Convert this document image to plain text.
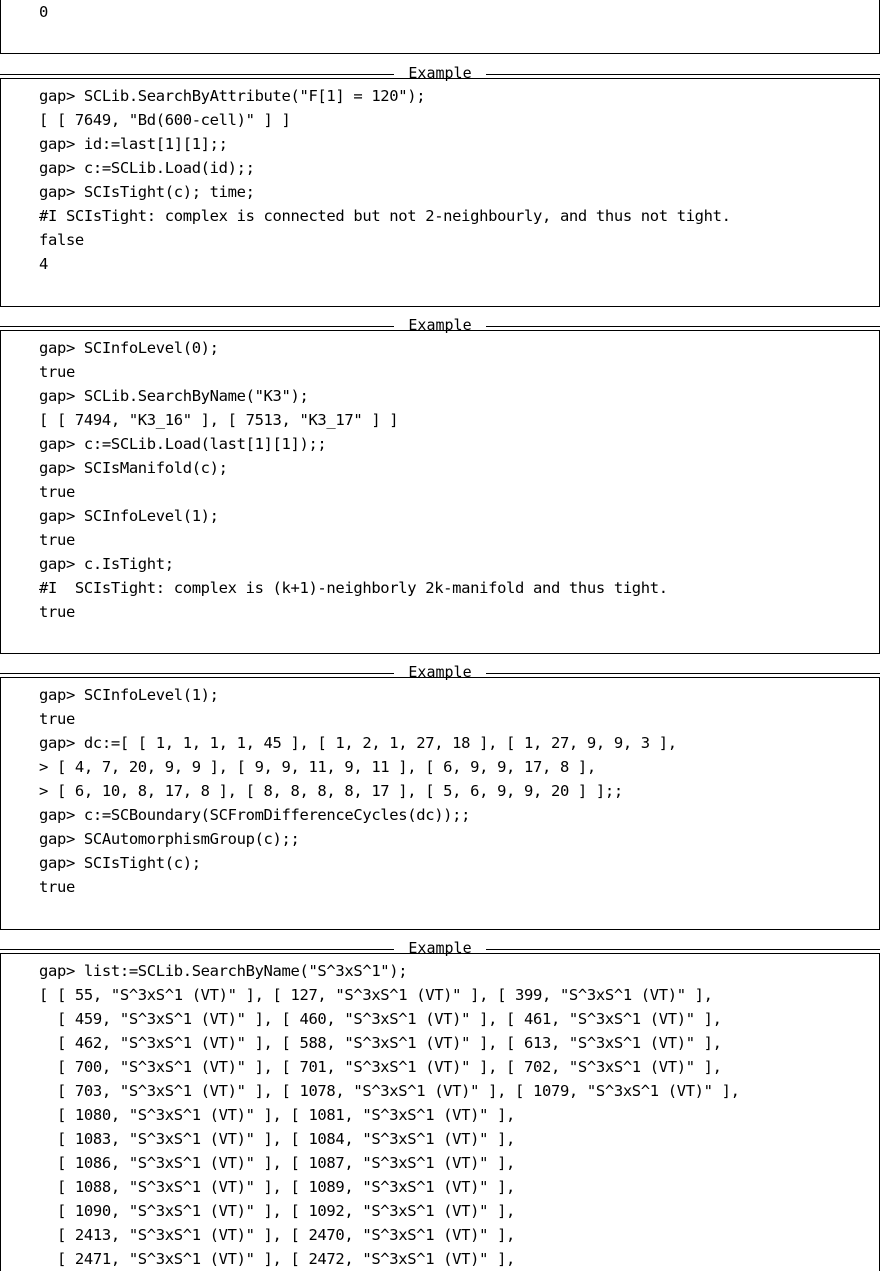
0
Example
gap> SCLib.SearchByAttribute("F[1] = 120");
[ [ 7649, "Bd(600-cell)" ] ]
gap> id:=last[1][1];;
gap> c:=SCLib.Load(id);;
gap> SCIsTight(c); time;
#I SCIsTight: complex is connected but not 2-neighbourly, and thus not tight.
false
4
Example
gap> SCInfoLevel(0);
true
gap> SCLib.SearchByName("K3");
[ [ 7494, "K3_16" ], [ 7513, "K3_17" ] ]
gap> c:=SCLib.Load(last[1][1]);;
gap> SCIsManifold(c);
true
gap> SCInfoLevel(1);
true
gap> c.IsTight;
#I  SCIsTight: complex is (k+1)-neighborly 2k-manifold and thus tight.
true
Example
gap> SCInfoLevel(1);
true
gap> dc:=[ [ 1, 1, 1, 1, 45 ], [ 1, 2, 1, 27, 18 ], [ 1, 27, 9, 9, 3 ],
> [ 4, 7, 20, 9, 9 ], [ 9, 9, 11, 9, 11 ], [ 6, 9, 9, 17, 8 ],
> [ 6, 10, 8, 17, 8 ], [ 8, 8, 8, 8, 17 ], [ 5, 6, 9, 9, 20 ] ];;
gap> c:=SCBoundary(SCFromDifferenceCycles(dc));;
gap> SCAutomorphismGroup(c);;
gap> SCIsTight(c);
true
Example
gap> list:=SCLib.SearchByName("S^3xS^1");
[ [ 55, "S^3xS^1 (VT)" ], [ 127, "S^3xS^1 (VT)" ], [ 399, "S^3xS^1 (VT)" ],
[ 459, "S^3xS^1 (VT)" ], [ 460, "S^3xS^1 (VT)" ], [ 461, "S^3xS^1 (VT)" ],
[ 462, "S^3xS^1 (VT)" ], [ 588, "S^3xS^1 (VT)" ], [ 613, "S^3xS^1 (VT)" ],
[ 700, "S^3xS^1 (VT)" ], [ 701, "S^3xS^1 (VT)" ], [ 702, "S^3xS^1 (VT)" ],
[ 703, "S^3xS^1 (VT)" ], [ 1078, "S^3xS^1 (VT)" ], [ 1079, "S^3xS^1 (VT)" ],
[ 1080, "S^3xS^1 (VT)" ], [ 1081, "S^3xS^1 (VT)" ],
[ 1083, "S^3xS^1 (VT)" ], [ 1084, "S^3xS^1 (VT)" ],
[ 1086, "S^3xS^1 (VT)" ], [ 1087, "S^3xS^1 (VT)" ],
[ 1088, "S^3xS^1 (VT)" ], [ 1089, "S^3xS^1 (VT)" ],
[ 1090, "S^3xS^1 (VT)" ], [ 1092, "S^3xS^1 (VT)" ],
[ 2413, "S^3xS^1 (VT)" ], [ 2470, "S^3xS^1 (VT)" ],
[ 2471, "S^3xS^1 (VT)" ], [ 2472, "S^3xS^1 (VT)" ],
